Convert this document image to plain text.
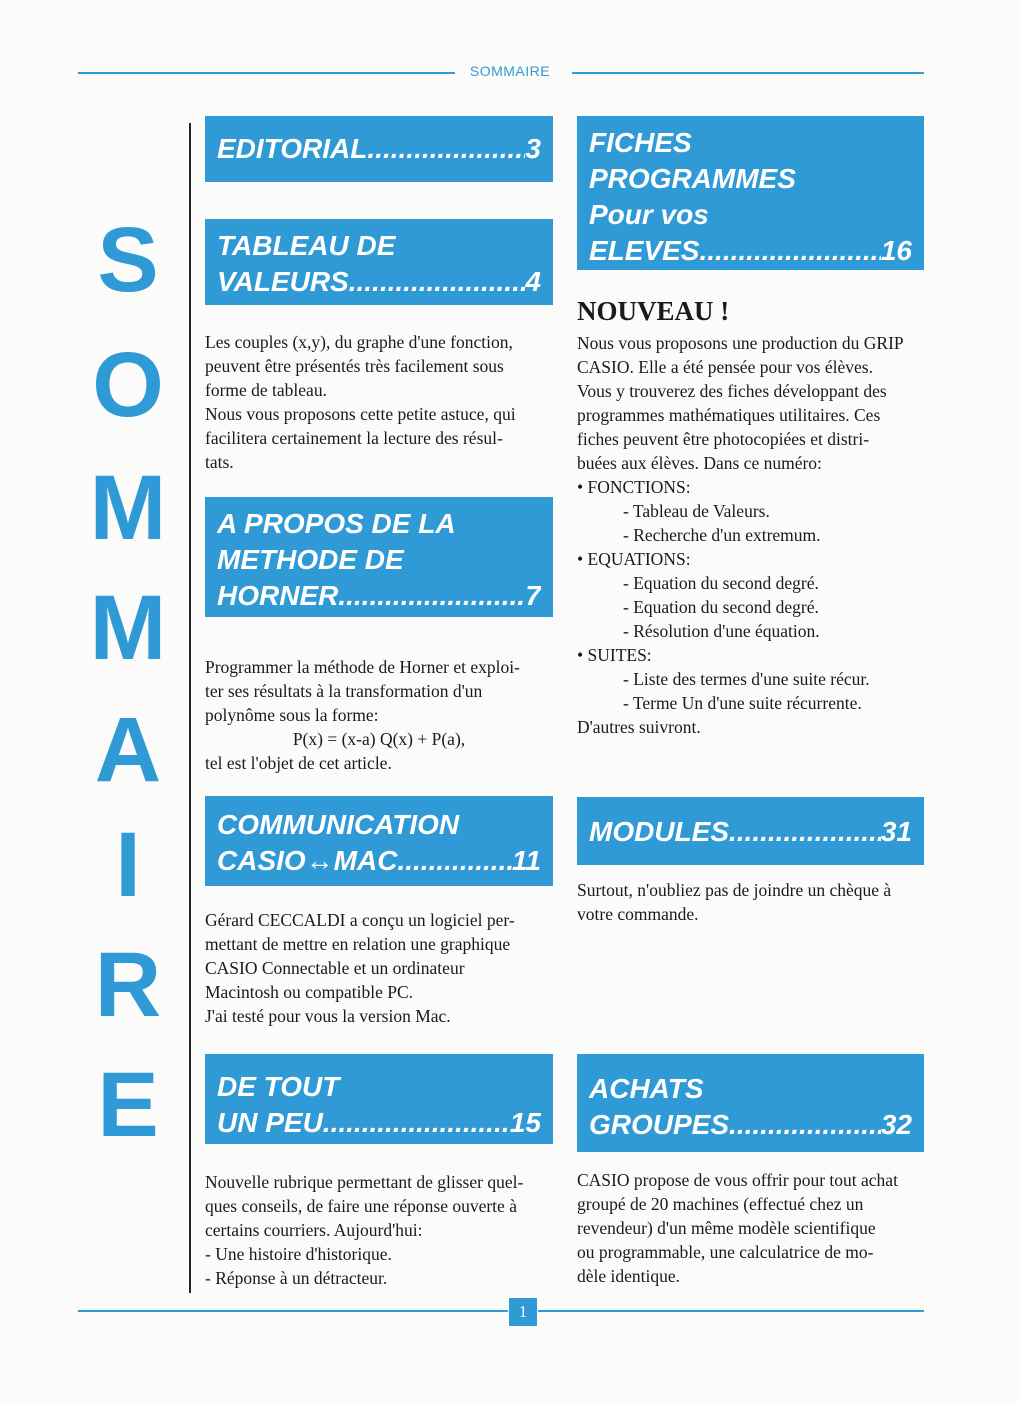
SOMMAIRE
S
O
M
M
A
I
R
E
EDITORIAL .....	3
TABLEAU DE
VALEURS .....	4
Les couples (x,y), du graphe d'une fonction,
peuvent être présentés très facilement sous
forme de tableau.
Nous vous proposons cette petite astuce, qui
facilitera certainement la lecture des résul-
tats.
A PROPOS DE LA
METHODE DE
HORNER .....	7
Programmer la méthode de Horner et exploi-
ter ses résultats à la transformation d'un
polynôme sous la forme:
P(x) = (x-a) Q(x) + P(a),
tel est l'objet de cet article.
COMMUNICATION
CASIO↔MAC .....	11
Gérard CECCALDI a conçu un logiciel per-
mettant de mettre en relation une graphique
CASIO Connectable et un ordinateur
Macintosh ou compatible PC.
J'ai testé pour vous la version Mac.
DE TOUT
UN PEU .....	15
Nouvelle rubrique permettant de glisser quel-
ques conseils, de faire une réponse ouverte à
certains courriers. Aujourd'hui:
- Une histoire d'historique.
- Réponse à un détracteur.
FICHES
PROGRAMMES
Pour vos
ELEVES .....	16
NOUVEAU !
Nous vous proposons une production du GRIP
CASIO. Elle a été pensée pour vos élèves.
Vous y trouverez des fiches développant des
programmes mathématiques utilitaires. Ces
fiches peuvent être photocopiées et distri-
buées aux élèves. Dans ce numéro:
• FONCTIONS:
- Tableau de Valeurs.
- Recherche d'un extremum.
• EQUATIONS:
- Equation du second degré.
- Equation du second degré.
- Résolution d'une équation.
• SUITES:
- Liste des termes d'une suite récur.
- Terme Un d'une suite récurrente.
D'autres suivront.
MODULES .....	31
Surtout, n'oubliez pas de joindre un chèque à
votre commande.
ACHATS
GROUPES .....	32
CASIO propose de vous offrir pour tout achat
groupé de 20 machines (effectué chez un
revendeur) d'un même modèle scientifique
ou programmable, une calculatrice de mo-
dèle identique.
1
